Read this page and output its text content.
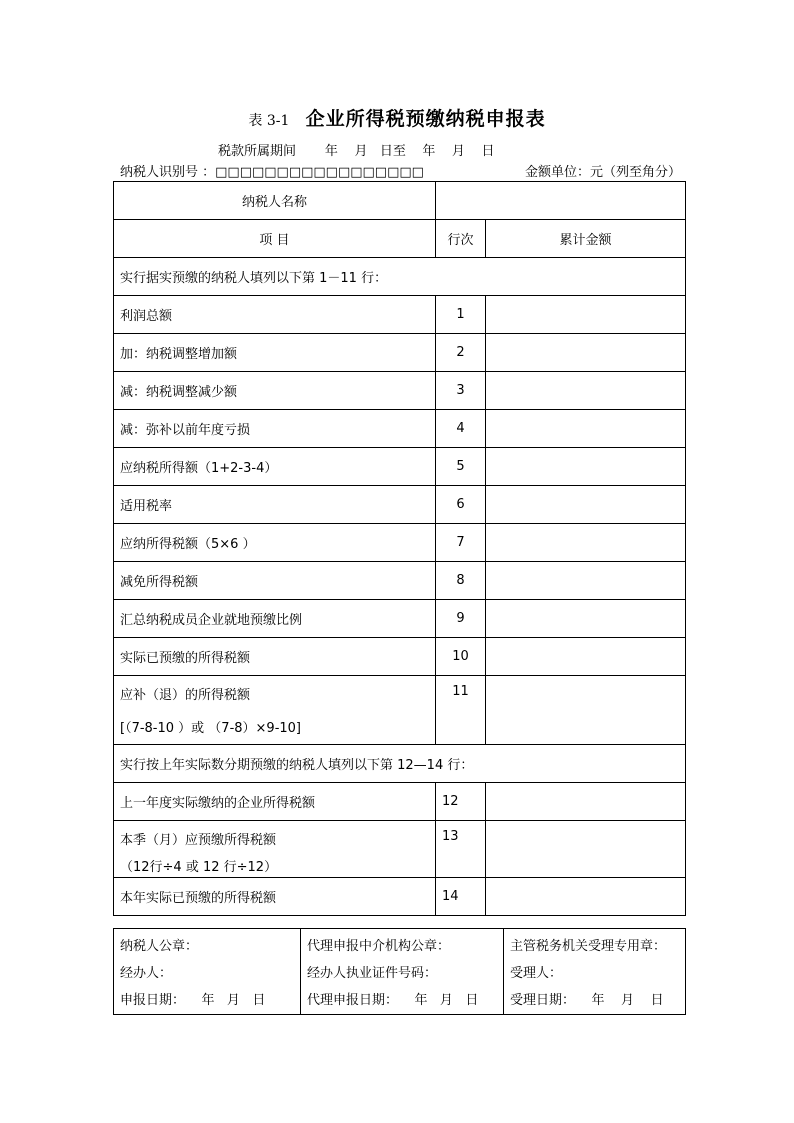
表 3-1 企业所得税预缴纳税申报表
税款所属期间       年    月   日至    年    月    日
纳税人识别号 ：□□□□□□□□□□□□□□□□□	金额单位：元（列至角分）
纳税人名称		
项 目	行次	累计金额
实行据实预缴的纳税人填列以下第 1－11 行：		
利润总额	1	
加：纳税调整增加额	2	
减：纳税调整减少额	3	
减：弥补以前年度亏损	4	
应纳税所得额（1+2-3-4）	5	
适用税率	6	
应纳所得税额（5×6 ）	7	
减免所得税额	8	
汇总纳税成员企业就地预缴比例	9	
实际已预缴的所得税额	10	
应补（退）的所得税额
[（7-8-10 ）或 （7-8）×9-10]	11	
实行按上年实际数分期预缴的纳税人填列以下第 12—14 行：		
上一年度实际缴纳的企业所得税额	12	
本季（月）应预缴所得税额
（12行÷4 或 12 行÷12）	13	
本年实际已预缴的所得税额	14	
纳税人公章：
经办人：
申报日期：    年   月   日

代理申报中介机构公章：
经办人执业证件号码：
代理申报日期：    年   月   日

主管税务机关受理专用章：
受理人：
受理日期：    年    月    日
